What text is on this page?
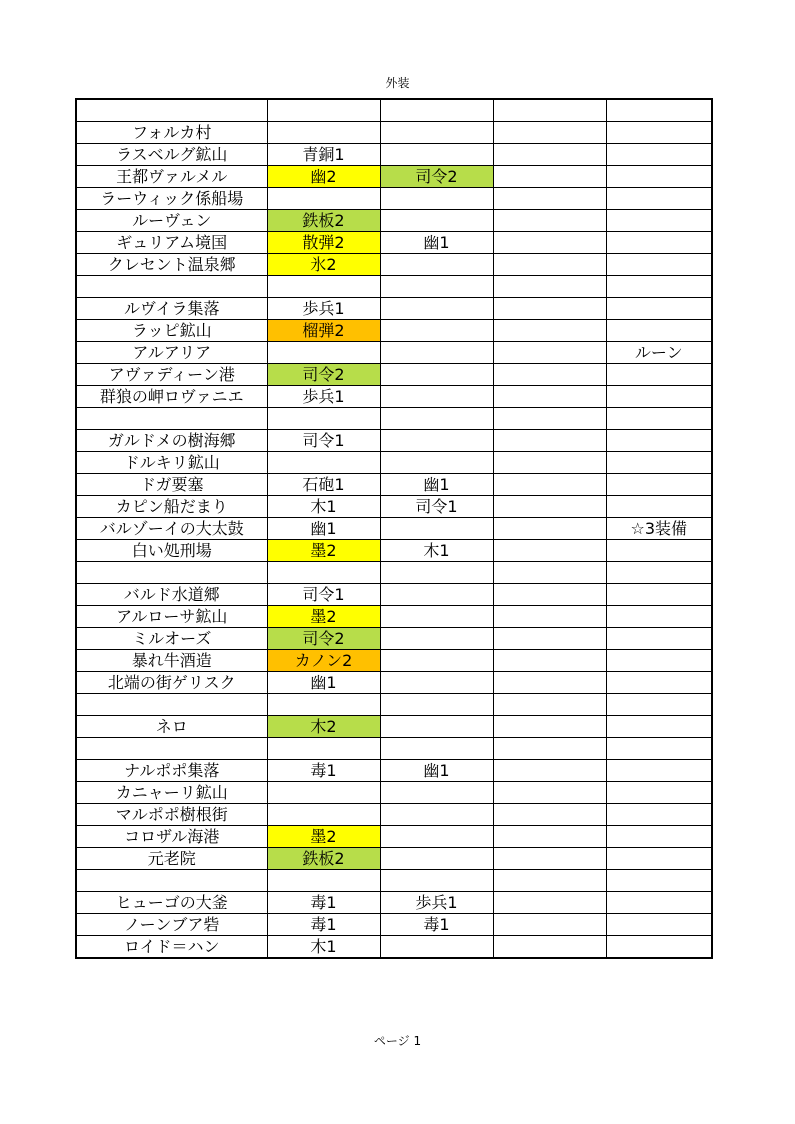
外装

フォルカ村				
ラスベルグ鉱山	青銅1			
王都ヴァルメル	幽2	司令2		
ラーウィック係船場				
ルーヴェン	鉄板2			
ギュリアム境国	散弾2	幽1		
クレセント温泉郷	氷2			

ルヴイラ集落	歩兵1			
ラッピ鉱山	榴弾2			
アルアリア				ルーン
アヴァディーン港	司令2			
群狼の岬ロヴァニエ	歩兵1			

ガルドメの樹海郷	司令1			
ドルキリ鉱山				
ドガ要塞	石砲1	幽1		
カピン船だまり	木1	司令1		
バルゾーイの大太鼓	幽1			☆3装備
白い処刑場	墨2	木1		

バルド水道郷	司令1			
アルローサ鉱山	墨2			
ミルオーズ	司令2			
暴れ牛酒造	カノン2			
北端の街ゲリスク	幽1			

ネロ	木2			

ナルポポ集落	毒1	幽1		
カニャーリ鉱山				
マルポポ樹根街				
コロザル海港	墨2			
元老院	鉄板2			

ヒューゴの大釜	毒1	歩兵1		
ノーンブア砦	毒1	毒1		
ロイド＝ハン	木1			
ページ 1
